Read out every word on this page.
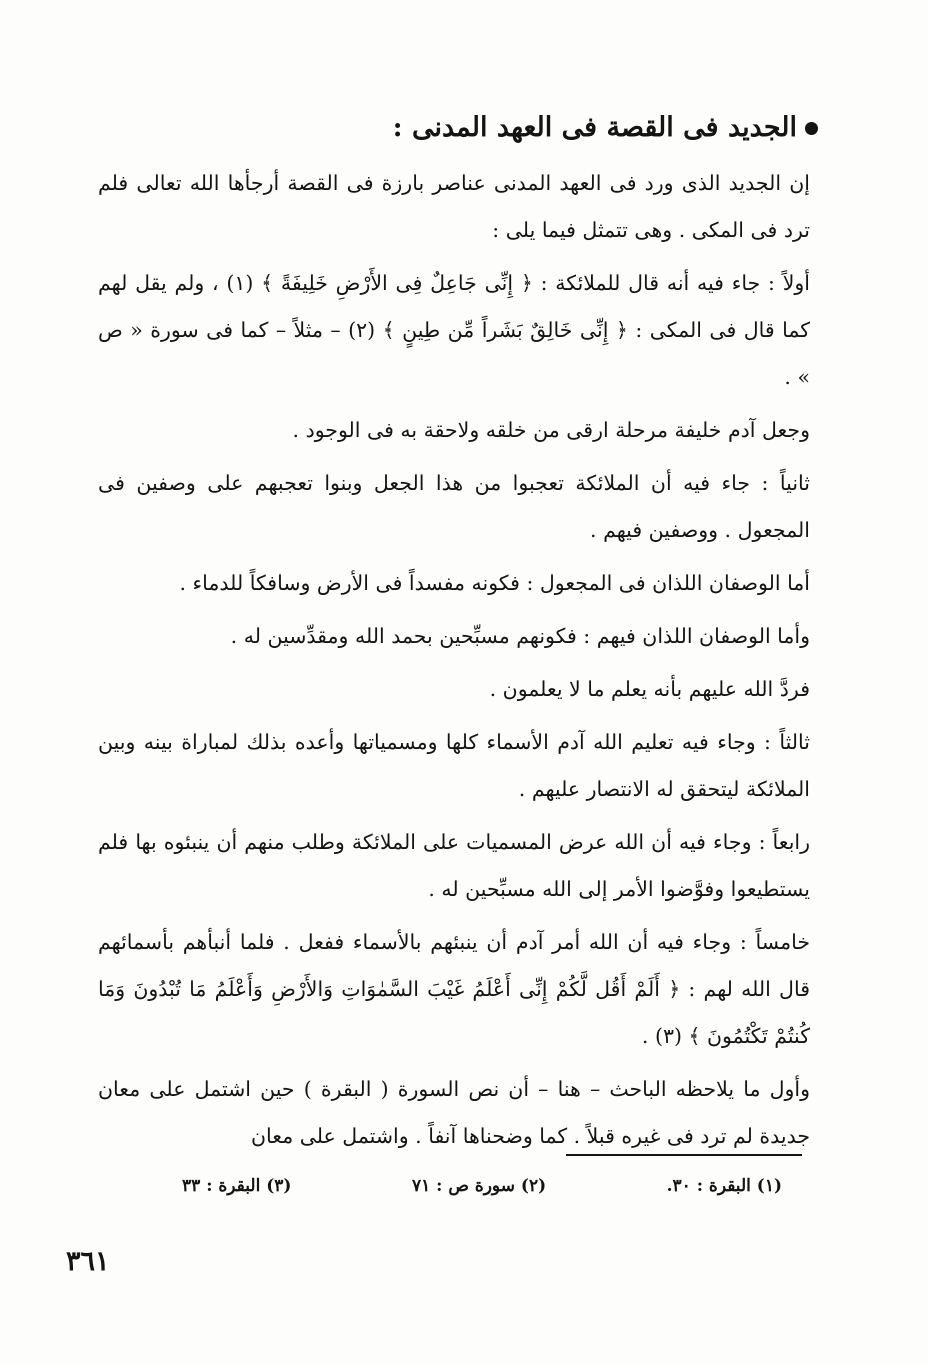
الجديد فى القصة فى العهد المدنى :

إن الجديد الذى ورد فى العهد المدنى عناصر بارزة فى القصة أرجأها الله تعالى فلم ترد فى المكى . وهى تتمثل فيما يلى :

أولاً : جاء فيه أنه قال للملائكة : ﴿ إِنِّى جَاعِلٌ فِى الأَرْضِ خَلِيفَةً ﴾ (١) ، ولم يقل لهم كما قال فى المكى : ﴿ إِنِّى خَالِقٌ بَشَراً مِّن طِينٍ ﴾ (٢) – مثلاً – كما فى سورة « ص » .

وجعل آدم خليفة مرحلة ارقى من خلقه ولاحقة به فى الوجود .

ثانياً : جاء فيه أن الملائكة تعجبوا من هذا الجعل وبنوا تعجبهم على وصفين فى المجعول . ووصفين فيهم .

أما الوصفان اللذان فى المجعول : فكونه مفسداً فى الأرض وسافكاً للدماء .

وأما الوصفان اللذان فيهم : فكونهم مسبِّحين بحمد الله ومقدِّسين له .

فردَّ الله عليهم بأنه يعلم ما لا يعلمون .

ثالثاً : وجاء فيه تعليم الله آدم الأسماء كلها ومسمياتها وأعده بذلك لمباراة بينه وبين الملائكة ليتحقق له الانتصار عليهم .

رابعاً : وجاء فيه أن الله عرض المسميات على الملائكة وطلب منهم أن ينبئوه بها فلم يستطيعوا وفوَّضوا الأمر إلى الله مسبِّحين له .

خامساً : وجاء فيه أن الله أمر آدم أن ينبئهم بالأسماء ففعل . فلما أنبأهم بأسمائهم قال الله لهم : ﴿ أَلَمْ أَقُل لَّكُمْ إِنِّى أَعْلَمُ غَيْبَ السَّمٰوَاتِ وَالأَرْضِ وَأَعْلَمُ مَا تُبْدُونَ وَمَا كُنتُمْ تَكْتُمُونَ ﴾ (٣) .

وأول ما يلاحظه الباحث – هنا – أن نص السورة ( البقرة ) حين اشتمل على معان جديدة لم ترد فى غيره قبلاً . كما وضحناها آنفاً . واشتمل على معان

(١) البقرة : ٣٠.
(٢) سورة ص : ٧١
(٣) البقرة : ٣٣
٣٦١
